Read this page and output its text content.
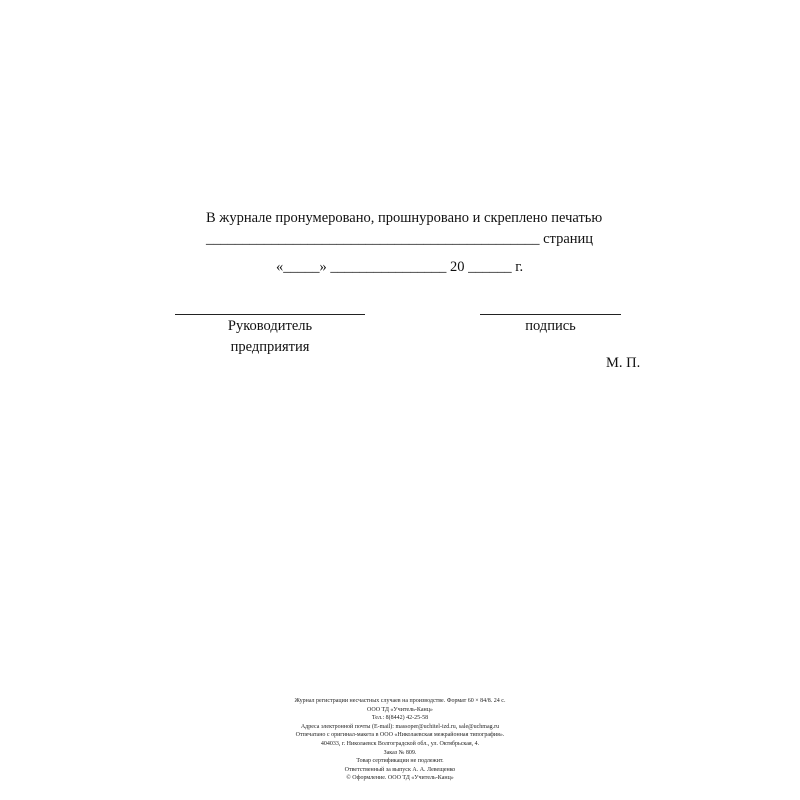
В журнале пронумеровано, прошнуровано и скреплено печатью
______________________________________________ страниц
«_____» ________________ 20 ______ г.
Руководитель
предприятия
подпись
М. П.
Журнал регистрации несчастных случаев на производстве. Формат 60 × 84/8. 24 с.
ООО ТД «Учитель-Канц»
Тел.: 8(8442) 42-25-58
Адреса электронной почты (E-mail): massoper@uchitel-izd.ru, sale@uchmag.ru
Отпечатано с оригинал-макета в ООО «Николаевская межрайонная типография».
404033, г. Николаевск Волгоградской обл., ул. Октябрьская, 4.
Заказ № 809.
Товар сертификации не подлежит.
Ответственный за выпуск А. А. Левещенко
© Оформление. ООО ТД «Учитель-Канц»
